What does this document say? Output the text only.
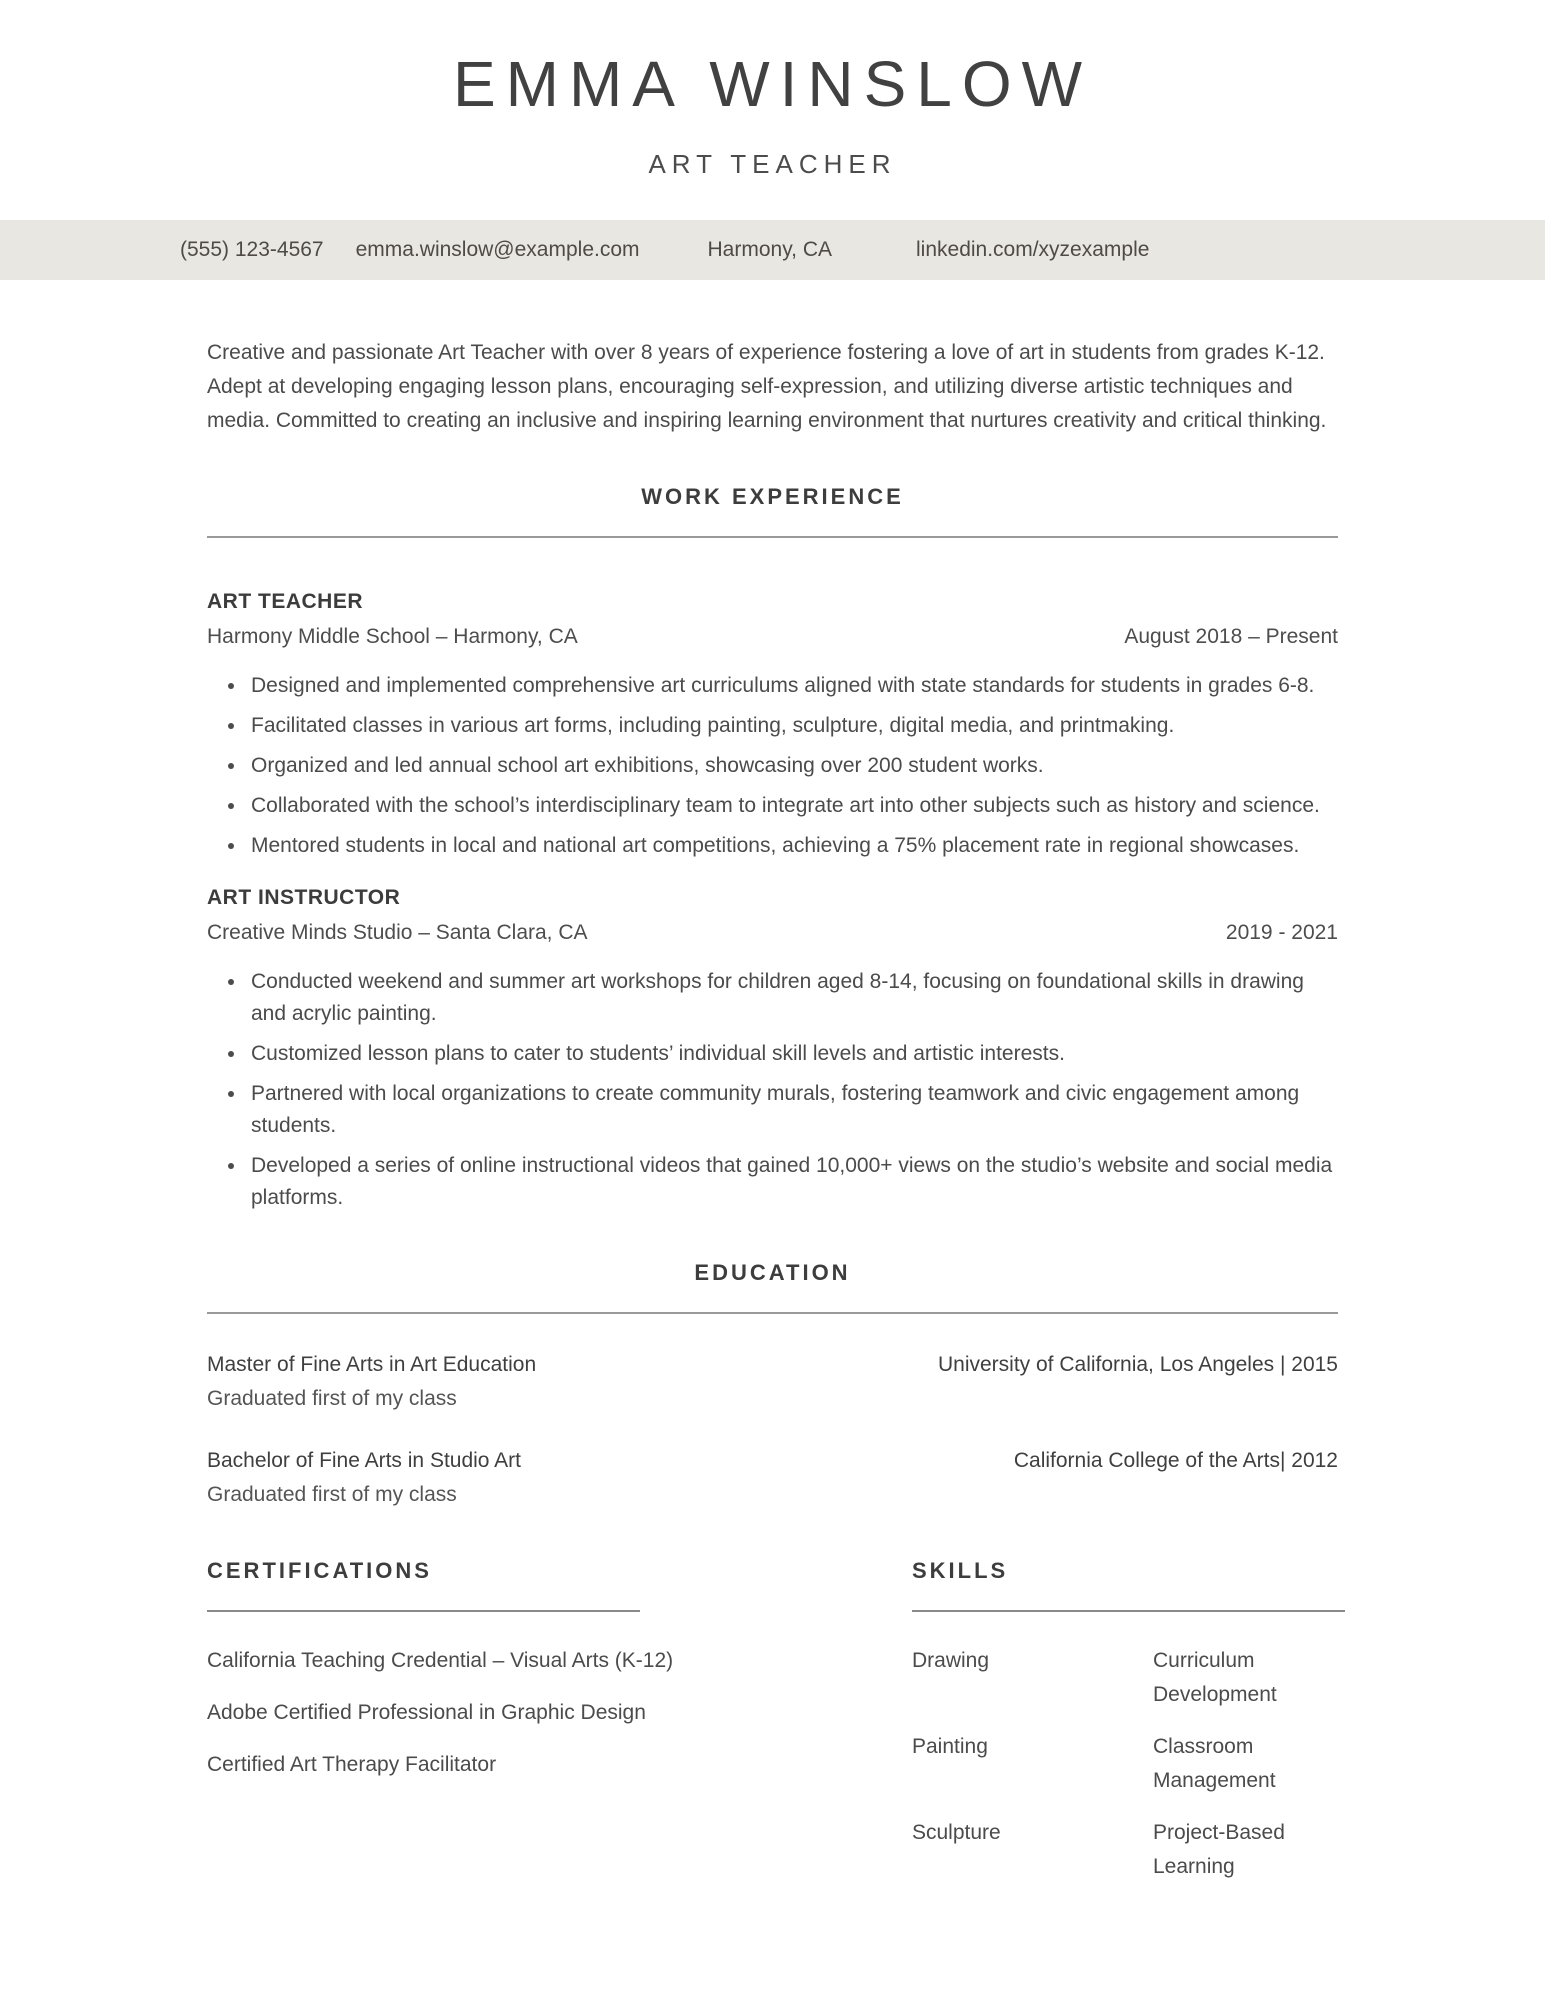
EMMA WINSLOW
ART TEACHER
(555) 123-4567 emma.winslow@example.com	Harmony, CA	linkedin.com/xyzexample

Creative and passionate Art Teacher with over 8 years of experience fostering a love of art in students from grades K-12. Adept at developing engaging lesson plans, encouraging self-expression, and utilizing diverse artistic techniques and media. Committed to creating an inclusive and inspiring learning environment that nurtures creativity and critical thinking.

WORK EXPERIENCE
ART TEACHER
Harmony Middle School – Harmony, CA	August 2018 – Present
Designed and implemented comprehensive art curriculums aligned with state standards for students in grades 6-8.
Facilitated classes in various art forms, including painting, sculpture, digital media, and printmaking.
Organized and led annual school art exhibitions, showcasing over 200 student works.
Collaborated with the school’s interdisciplinary team to integrate art into other subjects such as history and science.
Mentored students in local and national art competitions, achieving a 75% placement rate in regional showcases.
ART INSTRUCTOR
Creative Minds Studio – Santa Clara, CA	2019 - 2021
Conducted weekend and summer art workshops for children aged 8-14, focusing on foundational skills in drawing and acrylic painting.
Customized lesson plans to cater to students’ individual skill levels and artistic interests.
Partnered with local organizations to create community murals, fostering teamwork and civic engagement among students.
Developed a series of online instructional videos that gained 10,000+ views on the studio’s website and social media platforms.
EDUCATION
Master of Fine Arts in Art Education
Graduated first of my class
University of California, Los Angeles | 2015
Bachelor of Fine Arts in Studio Art
Graduated first of my class
California College of the Arts| 2012
CERTIFICATIONS
California Teaching Credential – Visual Arts (K-12)
Adobe Certified Professional in Graphic Design
Certified Art Therapy Facilitator
SKILLS
Drawing	Curriculum Development
Painting	Classroom Management
Sculpture	Project-Based Learning
